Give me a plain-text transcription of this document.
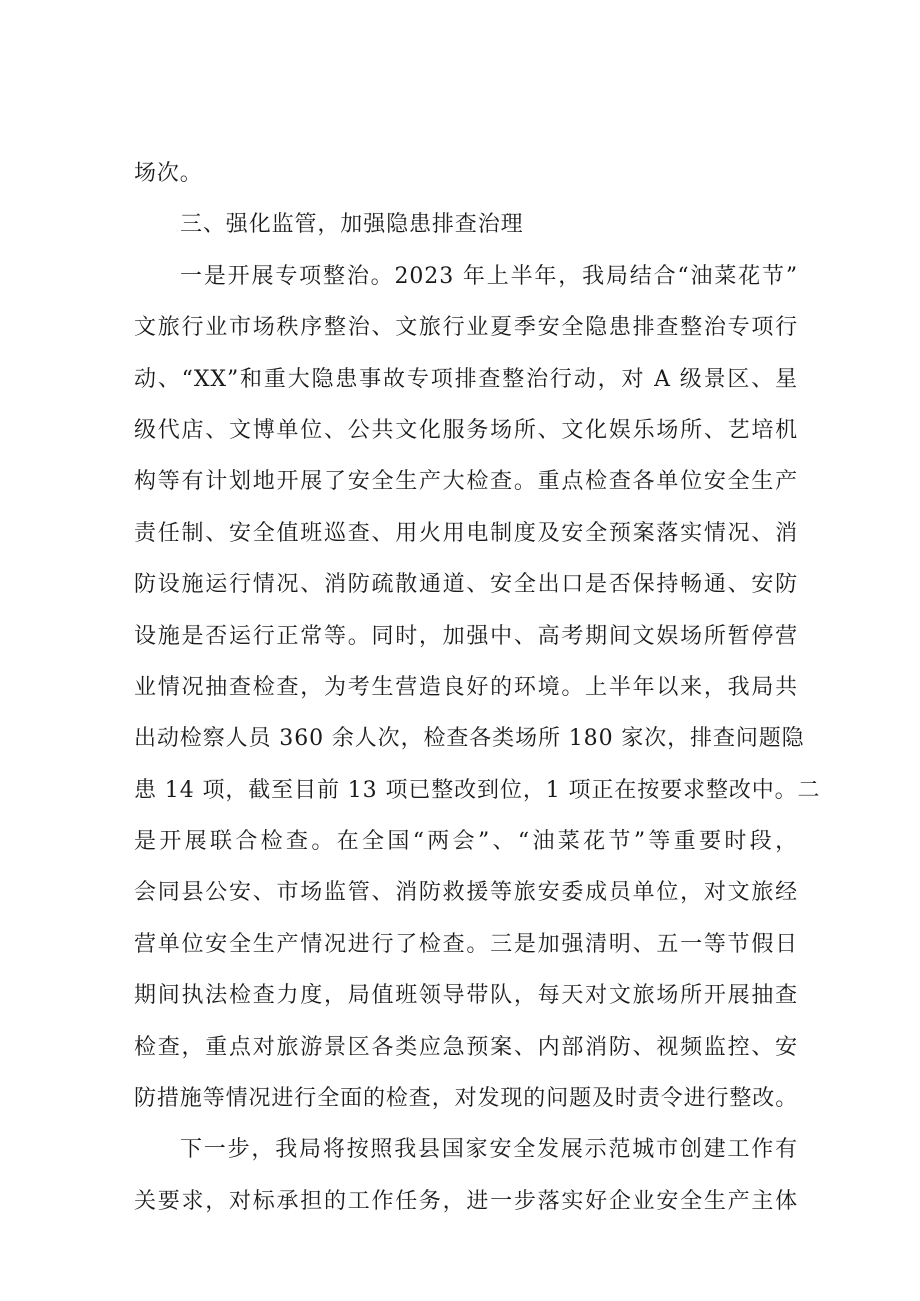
场次。
三、强化监管，加强隐患排查治理
一是开展专项整治。2023 年上半年，我局结合“油菜花节”
文旅行业市场秩序整治、文旅行业夏季安全隐患排查整治专项行
动、“XX”和重大隐患事故专项排查整治行动，对 A 级景区、星
级代店、文博单位、公共文化服务场所、文化娱乐场所、艺培机
构等有计划地开展了安全生产大检查。重点检查各单位安全生产
责任制、安全值班巡查、用火用电制度及安全预案落实情况、消
防设施运行情况、消防疏散通道、安全出口是否保持畅通、安防
设施是否运行正常等。同时，加强中、高考期间文娱场所暂停营
业情况抽查检查，为考生营造良好的环境。上半年以来，我局共
出动检察人员 360 余人次，检查各类场所 180 家次，排查问题隐
患 14 项，截至目前 13 项已整改到位，1 项正在按要求整改中。二
是开展联合检查。在全国“两会”、“油菜花节”等重要时段，
会同县公安、市场监管、消防救援等旅安委成员单位，对文旅经
营单位安全生产情况进行了检查。三是加强清明、五一等节假日
期间执法检查力度，局值班领导带队，每天对文旅场所开展抽查
检查，重点对旅游景区各类应急预案、内部消防、视频监控、安
防措施等情况进行全面的检查，对发现的问题及时责令进行整改。
下一步，我局将按照我县国家安全发展示范城市创建工作有
关要求，对标承担的工作任务，进一步落实好企业安全生产主体
